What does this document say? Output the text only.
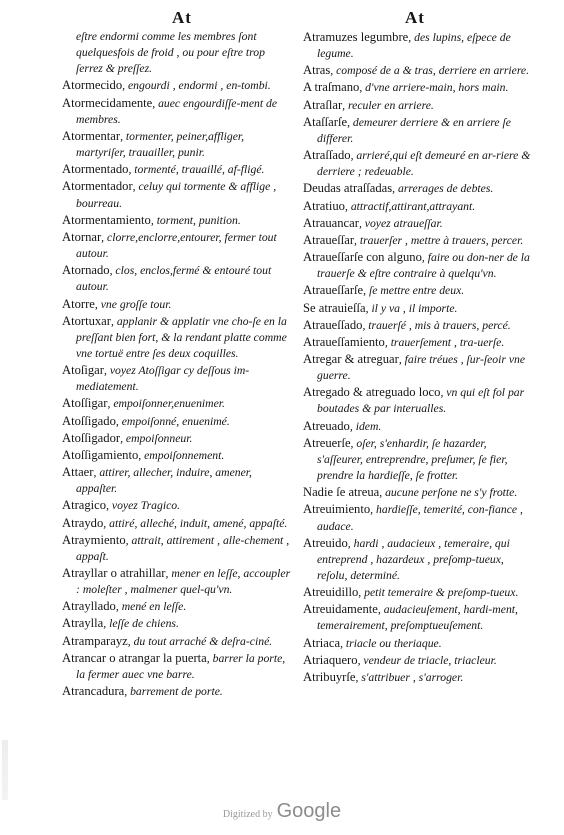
At	At

eſtre endormi comme les membres ſont quelquesfois de froid , ou pour eſtre trop ſerrez & preſſez.

Atormecido, engourdi , endormi , en-tombi.

Atormecidamente, auec engourdiſſe-ment de membres.

Atormentar, tormenter, peiner,affliger, martyriſer, trauailler, punir.

Atormentado, tormenté, trauaillé, af-fligé.

Atormentador, celuy qui tormente & afflige , bourreau.

Atormentamiento, torment, punition.

Atornar, clorre,enclorre,entourer, fermer tout autour.

Atornado, clos, enclos,fermé & entouré tout autour.

Atorre, vne groſſe tour.

Atortuxar, applanir & applatir vne cho-ſe en la preſſant bien fort, & la rendant platte comme vne tortuë entre ſes deux coquilles.

Atoſigar, voyez Atoſſigar cy deſſous im-mediatement.

Atoſſigar, empoiſonner,enuenimer.

Atoſſigado, empoiſonné, enuenimé.

Atoſſigador, empoiſonneur.

Atoſſigamiento, empoiſonnement.

Attaer, attirer, allecher, induire, amener, appaſter.

Atragico, voyez Tragico.

Atraydo, attiré, alleché, induit, amené, appaſté.

Atraymiento, attrait, attirement , alle-chement , appaſt.

Atrayllar o atrahillar, mener en leſſe, accoupler : moleſter , malmener quel-qu'vn.

Atrayllado, mené en leſſe.

Atraylla, leſſe de chiens.

Atramparayz, du tout arraché & deſra-ciné.

Atrancar o atrangar la puerta, barrer la porte, la fermer auec vne barre.

Atrancadura, barrement de porte.

Atramuzes legumbre, des lupins, eſpece de legume.

Atras, composé de a & tras, derriere en arriere.

A traſmano, d'vne arriere-main, hors main.

Atraſlar, reculer en arriere.

Ataſſarſe, demeurer derriere & en arriere ſe differer.

Atraſſado, arrieré,qui eſt demeuré en ar-riere & derriere ; redeuable.

Deudas atraſſadas, arrerages de debtes.

Atratiuo, attractif,attirant,attrayant.

Atrauancar, voyez atraueſſar.

Atraueſſar, trauerſer , mettre à trauers, percer.

Atraueſſarſe con alguno, faire ou don-ner de la trauerſe & eſtre contraire à quelqu'vn.

Atraueſſarſe, ſe mettre entre deux.

Se atrauieſſa, il y va , il importe.

Atraueſſado, trauerſé , mis à trauers, percé.

Atraueſſamiento, trauerſement , tra-uerſe.

Atregar & atreguar, faire tréues , ſur-ſeoir vne guerre.

Atregado & atreguado loco, vn qui eſt fol par boutades & par interualles.

Atreuado, idem.

Atreuerſe, oſer, s'enhardir, ſe hazarder, s'aſſeurer, entreprendre, preſumer, ſe fier, prendre la hardieſſe, ſe frotter.

Nadie ſe atreua, aucune perſone ne s'y frotte.

Atreuimiento, hardieſſe, temerité, con-fiance , audace.

Atreuido, hardi , audacieux , temeraire, qui entreprend , hazardeux , preſomp-tueux, reſolu, determiné.

Atreuidillo, petit temeraire & preſomp-tueux.

Atreuidamente, audacieuſement, hardi-ment, temerairement, preſomptueuſement.

Atriaca, triacle ou theriaque.

Atriaquero, vendeur de triacle, triacleur.

Atribuyrſe, s'attribuer , s'arroger.

Digitized by Google
